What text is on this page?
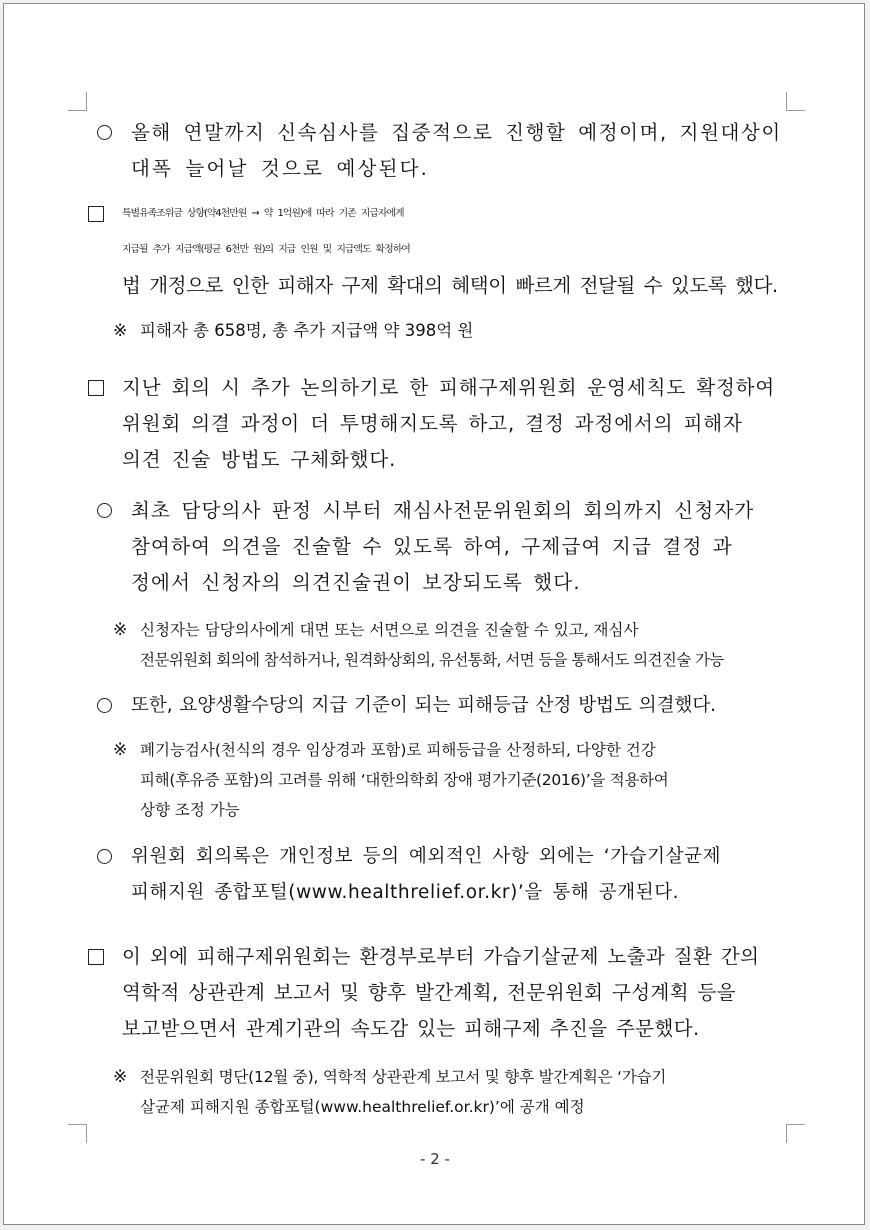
올해 연말까지 신속심사를 집중적으로 진행할 예정이며, 지원대상이
대폭 늘어날 것으로 예상된다.
특별유족조위금 상향(약4천만원 → 약 1억원)에 따라 기존 지급자에게
지급될 추가 지급액(평균 6천만 원)의 지급 인원 및 지급액도 확정하여
법 개정으로 인한 피해자 구제 확대의 혜택이 빠르게 전달될 수 있도록 했다.
※ 피해자 총 658명, 총 추가 지급액 약 398억 원
지난 회의 시 추가 논의하기로 한 피해구제위원회 운영세칙도 확정하여
위원회 의결 과정이 더 투명해지도록 하고, 결정 과정에서의 피해자
의견 진술 방법도 구체화했다.
최초 담당의사 판정 시부터 재심사전문위원회의 회의까지 신청자가
참여하여 의견을 진술할 수 있도록 하여, 구제급여 지급 결정 과
정에서 신청자의 의견진술권이 보장되도록 했다.
※ 신청자는 담당의사에게 대면 또는 서면으로 의견을 진술할 수 있고, 재심사
전문위원회 회의에 참석하거나, 원격화상회의, 유선통화, 서면 등을 통해서도 의견진술 가능
또한, 요양생활수당의 지급 기준이 되는 피해등급 산정 방법도 의결했다.
※ 폐기능검사(천식의 경우 임상경과 포함)로 피해등급을 산정하되, 다양한 건강
피해(후유증 포함)의 고려를 위해 ‘대한의학회 장애 평가기준(2016)’을 적용하여
상향 조정 가능
위원회 회의록은 개인정보 등의 예외적인 사항 외에는 ‘가습기살균제
피해지원 종합포털(www.healthrelief.or.kr)’을 통해 공개된다.
이 외에 피해구제위원회는 환경부로부터 가습기살균제 노출과 질환 간의
역학적 상관관계 보고서 및 향후 발간계획, 전문위원회 구성계획 등을
보고받으면서 관계기관의 속도감 있는 피해구제 추진을 주문했다.
※ 전문위원회 명단(12월 중), 역학적 상관관계 보고서 및 향후 발간계획은 ‘가습기
살균제 피해지원 종합포털(www.healthrelief.or.kr)’에 공개 예정
- 2 -
